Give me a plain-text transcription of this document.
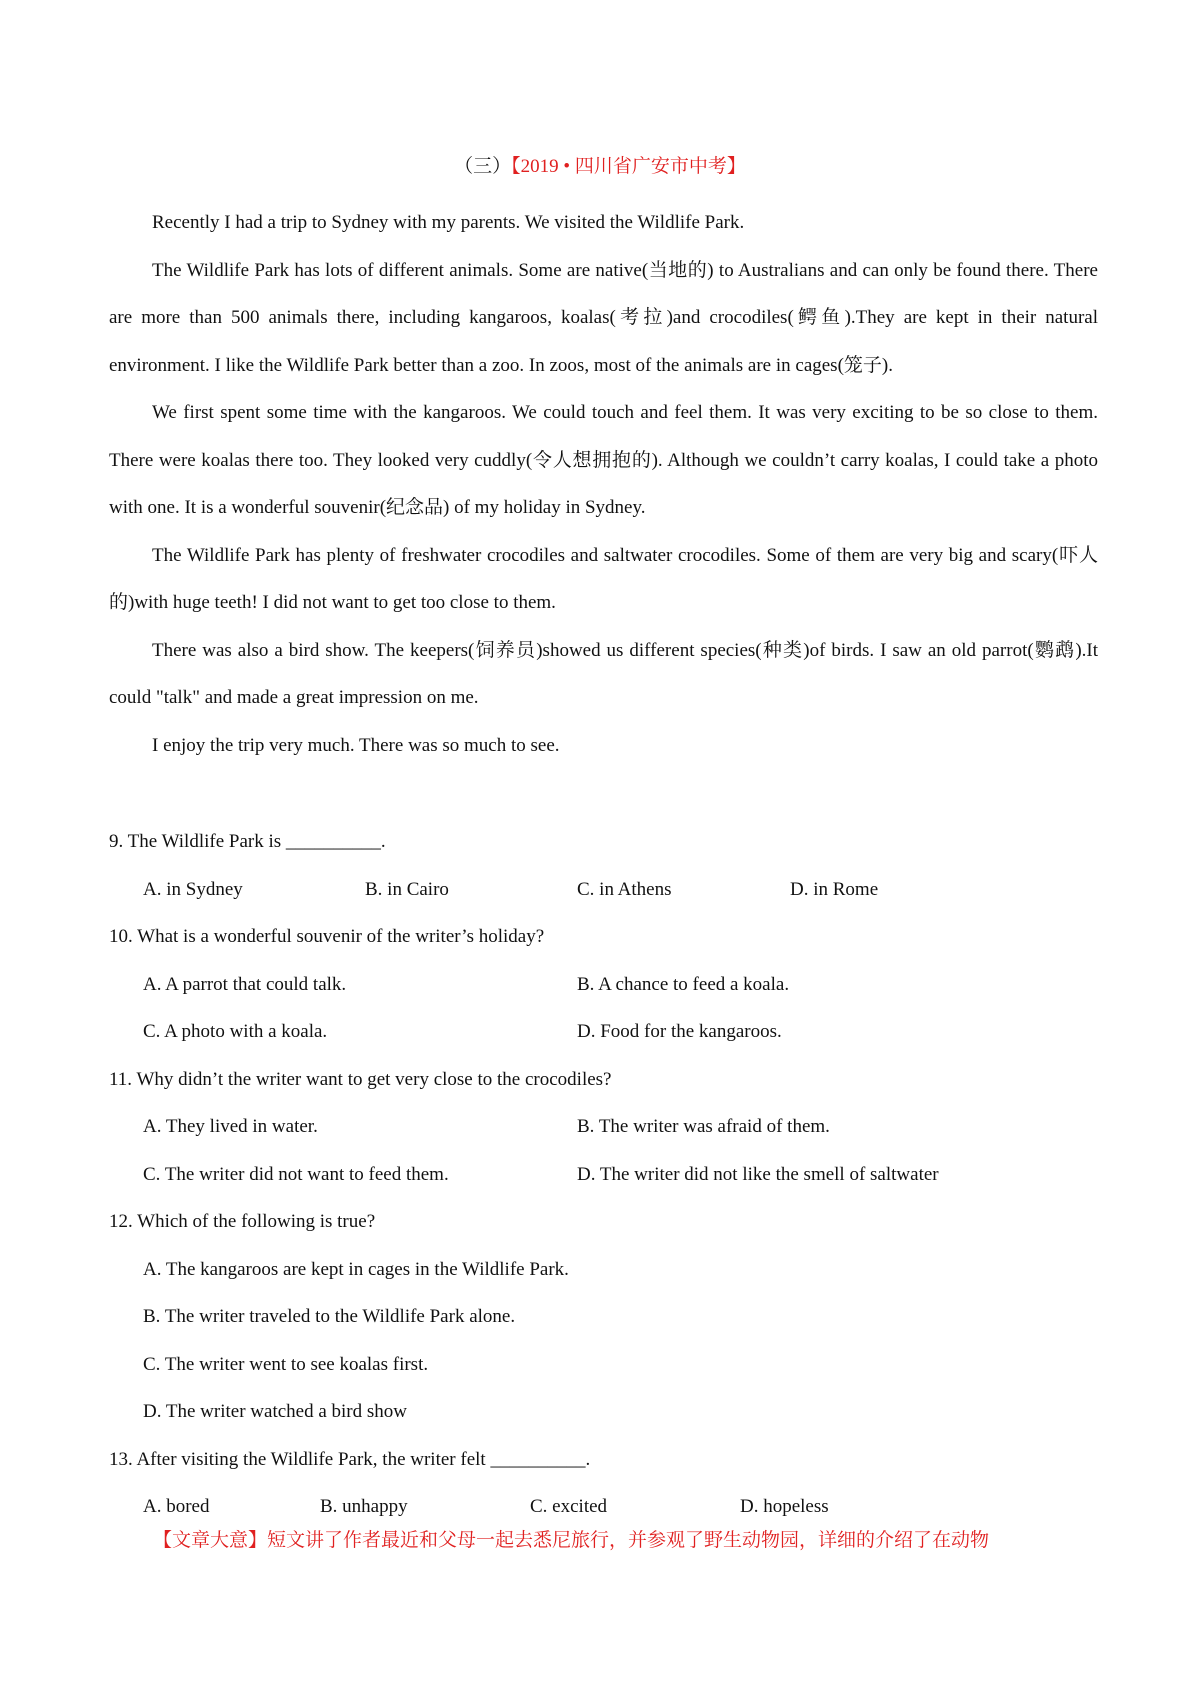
（三）【2019 • 四川省广安市中考】

Recently I had a trip to Sydney with my parents. We visited the Wildlife Park.

The Wildlife Park has lots of different animals. Some are native(当地的) to Australians and can only be found there. There are more than 500 animals there, including kangaroos, koalas(考拉)and crocodiles(鳄鱼).They are kept in their natural environment. I like the Wildlife Park better than a zoo. In zoos, most of the animals are in cages(笼子).

We first spent some time with the kangaroos. We could touch and feel them. It was very exciting to be so close to them. There were koalas there too. They looked very cuddly(令人想拥抱的). Although we couldn’t carry koalas, I could take a photo with one. It is a wonderful souvenir(纪念品) of my holiday in Sydney.

The Wildlife Park has plenty of freshwater crocodiles and saltwater crocodiles. Some of them are very big and scary(吓人的)with huge teeth! I did not want to get too close to them.

There was also a bird show. The keepers(饲养员)showed us different species(种类)of birds. I saw an old parrot(鹦鹉).It could "talk" and made a great impression on me.

I enjoy the trip very much. There was so much to see.

9. The Wildlife Park is __________.
A. in Sydney	B. in Cairo	C. in Athens	D. in Rome
10. What is a wonderful souvenir of the writer’s holiday?
A. A parrot that could talk.	B. A chance to feed a koala.
C. A photo with a koala.	D. Food for the kangaroos.
11. Why didn’t the writer want to get very close to the crocodiles?
A. They lived in water.	B. The writer was afraid of them.
C. The writer did not want to feed them.	D. The writer did not like the smell of saltwater
12. Which of the following is true?
A. The kangaroos are kept in cages in the Wildlife Park.
B. The writer traveled to the Wildlife Park alone.
C. The writer went to see koalas first.
D. The writer watched a bird show
13. After visiting the Wildlife Park, the writer felt __________.
A. bored	B. unhappy	C. excited	D. hopeless
【文章大意】短文讲了作者最近和父母一起去悉尼旅行，并参观了野生动物园，详细的介绍了在动物
